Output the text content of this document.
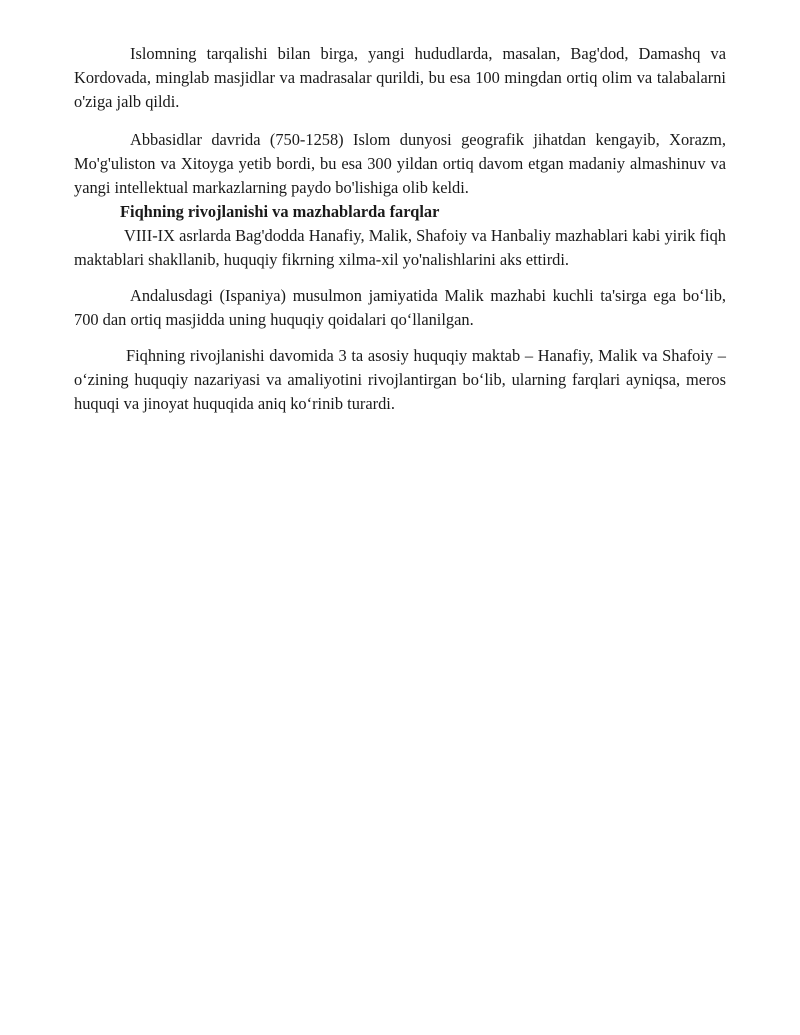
Islomning tarqalishi bilan birga, yangi hududlarda, masalan, Bag'dod, Damashq va Kordovada, minglab masjidlar va madrasalar qurildi, bu esa 100 mingdan ortiq olim va talabalarni o'ziga jalb qildi.

Abbasidlar davrida (750-1258) Islom dunyosi geografik jihatdan kengayib, Xorazm, Mo'g'uliston va Xitoyga yetib bordi, bu esa 300 yildan ortiq davom etgan madaniy almashinuv va yangi intellektual markazlarning paydo bo'lishiga olib keldi.

Fiqhning rivojlanishi va mazhablarda farqlar

VIII-IX asrlarda Bag'dodda Hanafiy, Malik, Shafoiy va Hanbaliy mazhablari kabi yirik fiqh maktablari shakllanib, huquqiy fikrning xilma-xil yo'nalishlarini aks ettirdi.

Andalusdagi (Ispaniya) musulmon jamiyatida Malik mazhabi kuchli ta'sirga ega bo‘lib, 700 dan ortiq masjidda uning huquqiy qoidalari qo‘llanilgan.

Fiqhning rivojlanishi davomida 3 ta asosiy huquqiy maktab – Hanafiy, Malik va Shafoiy – o‘zining huquqiy nazariyasi va amaliyotini rivojlantirgan bo‘lib, ularning farqlari ayniqsa, meros huquqi va jinoyat huquqida aniq ko‘rinib turardi.
